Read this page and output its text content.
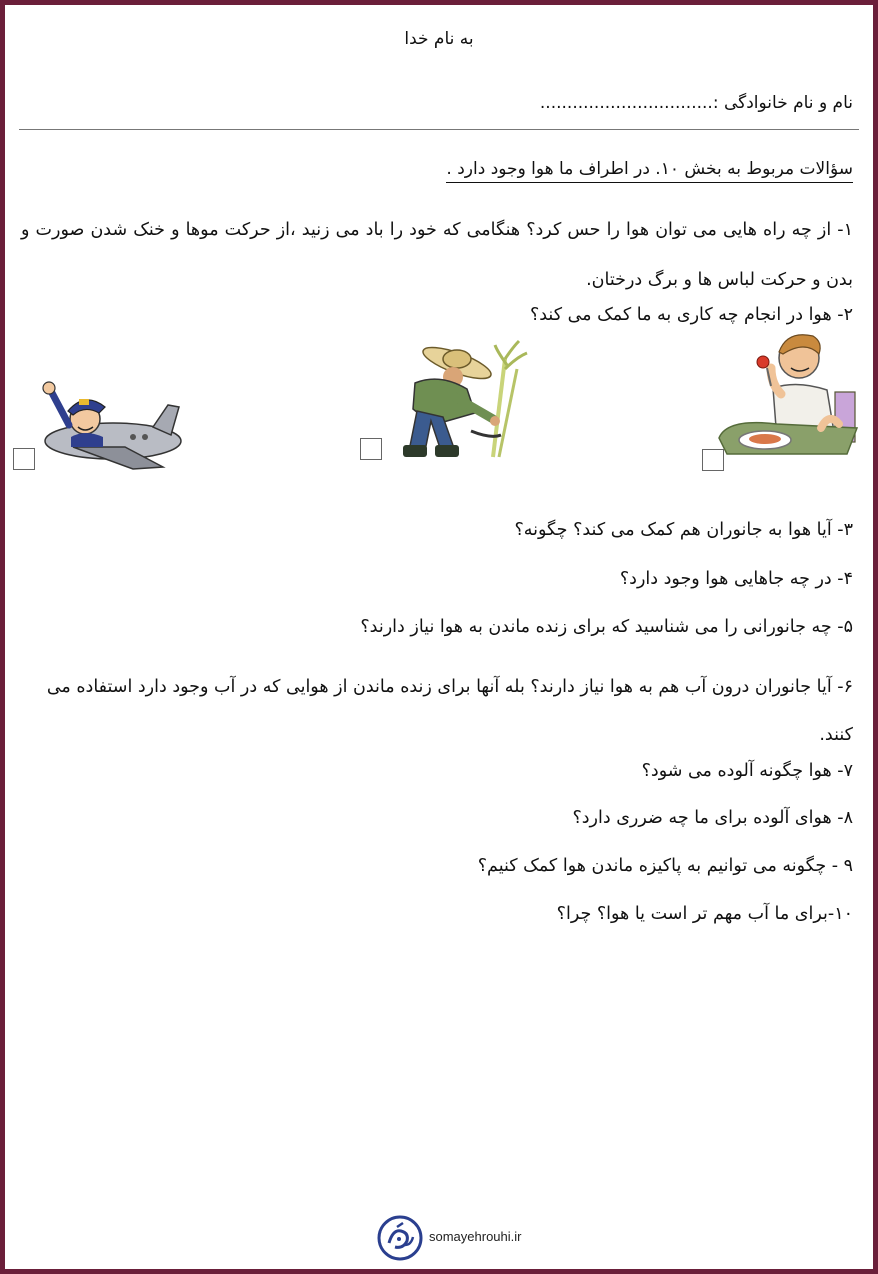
به نام خدا
نام و نام خانوادگی :................................
سؤالات مربوط به بخش ۱۰. در اطراف ما هوا وجود دارد .
۱- از چه راه هایی می توان هوا را حس کرد؟ هنگامی که خود را باد می زنید ،از حرکت موها و خنک شدن صورت و بدن و حرکت لباس ها و برگ درختان.
۲- هوا در انجام چه کاری به ما کمک می کند؟
۳- آیا هوا به جانوران هم کمک می کند؟ چگونه؟
۴- در چه جاهایی هوا وجود دارد؟
۵- چه جانورانی را می شناسید که برای زنده ماندن به هوا نیاز دارند؟
۶- آیا جانوران درون آب هم به هوا نیاز دارند؟ بله آنها برای زنده ماندن از هوایی که در آب وجود دارد استفاده می کنند.
۷- هوا چگونه آلوده می شود؟
۸- هوای آلوده برای ما چه ضرری دارد؟
۹ - چگونه می توانیم به پاکیزه ماندن هوا کمک کنیم؟
۱۰-برای ما آب مهم تر است یا هوا؟ چرا؟
somayehrouhi.ir
